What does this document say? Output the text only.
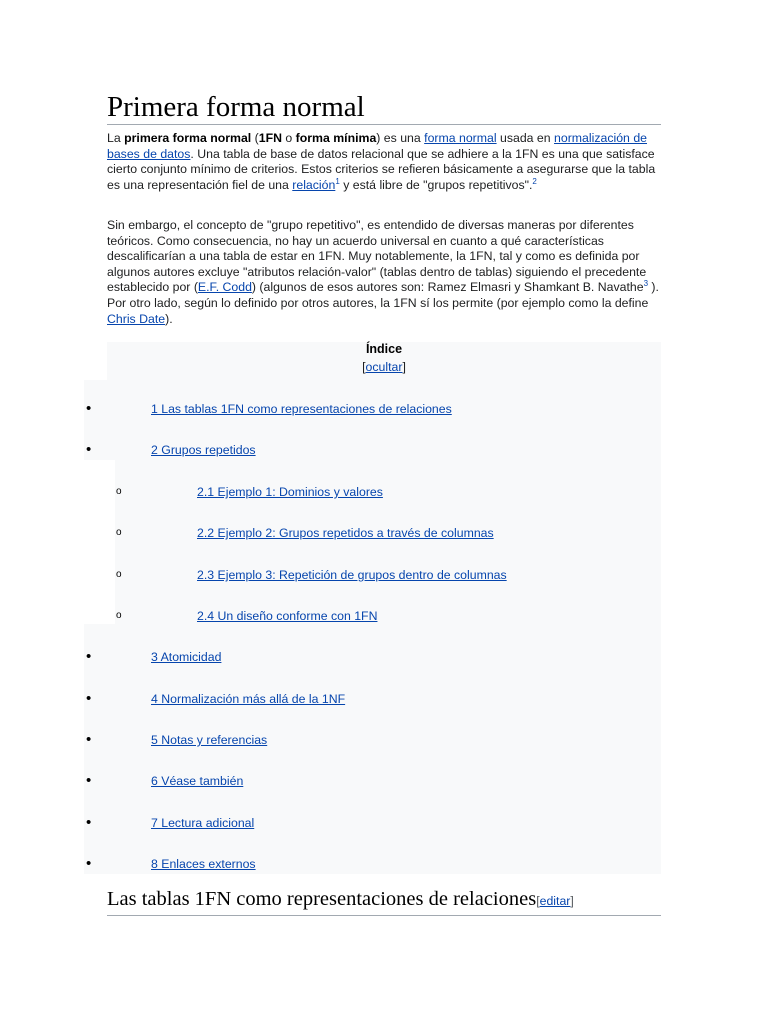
Primera forma normal

La primera forma normal (1FN o forma mínima) es una forma normal usada en normalización de bases de datos. Una tabla de base de datos relacional que se adhiere a la 1FN es una que satisface cierto conjunto mínimo de criterios. Estos criterios se refieren básicamente a asegurarse que la tabla es una representación fiel de una relación$^1$ y está libre de "grupos repetitivos".$^2$

Sin embargo, el concepto de "grupo repetitivo", es entendido de diversas maneras por diferentes teóricos. Como consecuencia, no hay un acuerdo universal en cuanto a qué características descalificarían a una tabla de estar en 1FN. Muy notablemente, la 1FN, tal y como es definida por algunos autores excluye "atributos relación-valor" (tablas dentro de tablas) siguiendo el precedente establecido por (E.F. Codd) (algunos de esos autores son: Ramez Elmasri y Shamkant B. Navathe$^3$ ). Por otro lado, según lo definido por otros autores, la 1FN sí los permite (por ejemplo como la define Chris Date).

Índice
[ocultar]
•	1 Las tablas 1FN como representaciones de relaciones
•	2 Grupos repetidos
o	2.1 Ejemplo 1: Dominios y valores
o	2.2 Ejemplo 2: Grupos repetidos a través de columnas
o	2.3 Ejemplo 3: Repetición de grupos dentro de columnas
o	2.4 Un diseño conforme con 1FN
•	3 Atomicidad
•	4 Normalización más allá de la 1NF
•	5 Notas y referencias
•	6 Véase también
•	7 Lectura adicional
•	8 Enlaces externos
Las tablas 1FN como representaciones de relaciones[editar]
